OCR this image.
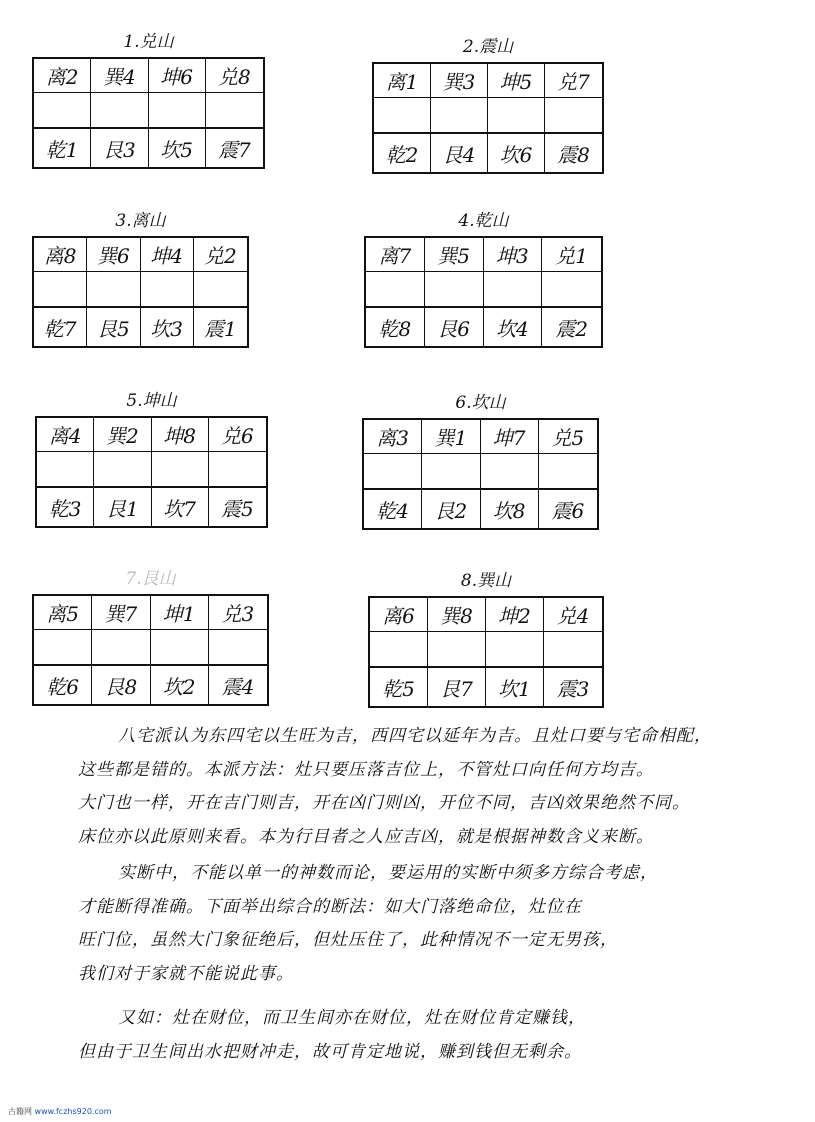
1.兑山
离2	巽4	坤6	兑8
乾1	艮3	坎5	震7
2.震山
离1	巽3	坤5	兑7
乾2	艮4	坎6	震8
3.离山
离8	巽6	坤4	兑2
乾7	艮5	坎3	震1
4.乾山
离7	巽5	坤3	兑1
乾8	艮6	坎4	震2
5.坤山
离4	巽2	坤8	兑6
乾3	艮1	坎7	震5
6.坎山
离3	巽1	坤7	兑5
乾4	艮2	坎8	震6
7.艮山
离5	巽7	坤1	兑3
乾6	艮8	坎2	震4
8.巽山
离6	巽8	坤2	兑4
乾5	艮7	坎1	震3
八宅派认为东四宅以生旺为吉，西四宅以延年为吉。且灶口要与宅命相配，
这些都是错的。本派方法：灶只要压落吉位上，不管灶口向任何方均吉。
大门也一样，开在吉门则吉，开在凶门则凶，开位不同，吉凶效果绝然不同。
床位亦以此原则来看。本为行目者之人应吉凶，就是根据神数含义来断。
实断中，不能以单一的神数而论，要运用的实断中须多方综合考虑，
才能断得准确。下面举出综合的断法：如大门落绝命位，灶位在
旺门位，虽然大门象征绝后，但灶压住了，此种情况不一定无男孩，
我们对于家就不能说此事。
又如：灶在财位，而卫生间亦在财位，灶在财位肯定赚钱，
但由于卫生间出水把财冲走，故可肯定地说，赚到钱但无剩余。
古籍网 www.fczhs920.com
